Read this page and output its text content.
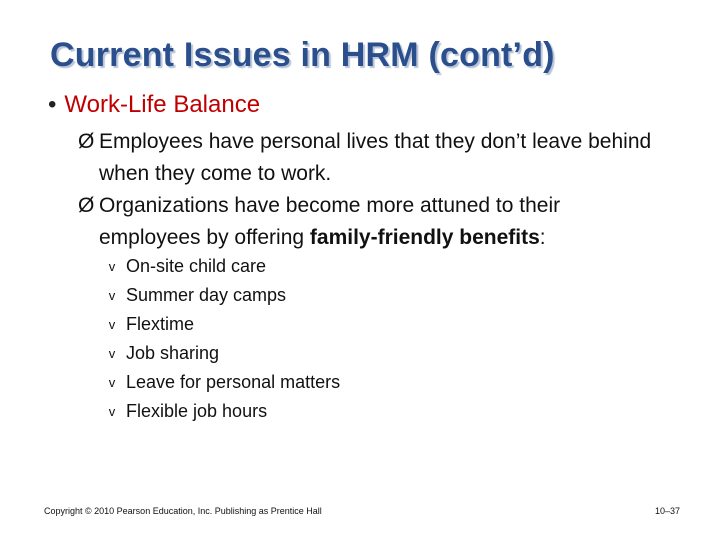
Current Issues in HRM (cont’d)
• Work-Life Balance
Ø Employees have personal lives that they don’t leave behind when they come to work.
Ø Organizations have become more attuned to their employees by offering family-friendly benefits:
v On-site child care
v Summer day camps
v Flextime
v Job sharing
v Leave for personal matters
v Flexible job hours
Copyright © 2010 Pearson Education, Inc. Publishing as Prentice Hall	10–37
